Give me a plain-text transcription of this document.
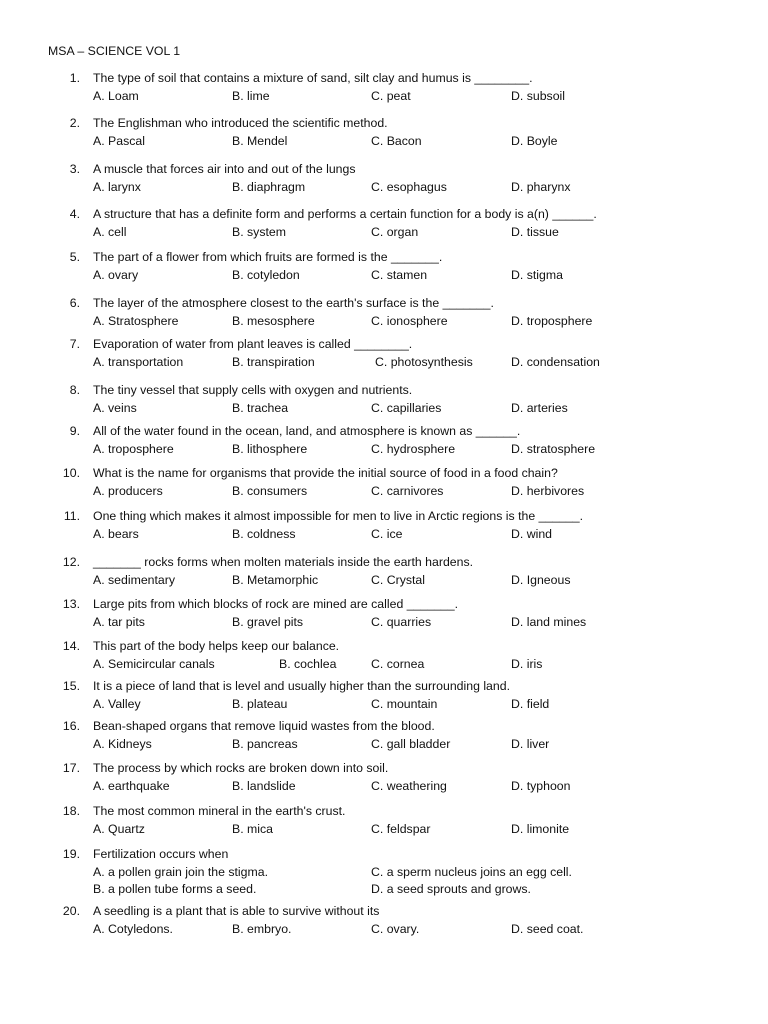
MSA – SCIENCE VOL 1
1. The type of soil that contains a mixture of sand, silt clay and humus is ________.
A. Loam	B. lime	C. peat	D. subsoil
2. The Englishman who introduced the scientific method.
A. Pascal	B. Mendel	C. Bacon	D. Boyle
3. A muscle that forces air into and out of the lungs
A. larynx	B. diaphragm	C. esophagus	D. pharynx
4. A structure that has a definite form and performs a certain function for a body is a(n) ______.
A. cell	B. system	C. organ	D. tissue
5. The part of a flower from which fruits are formed is the _______.
A. ovary	B. cotyledon	C. stamen	D. stigma
6. The layer of the atmosphere closest to the earth's surface is the _______.
A. Stratosphere	B. mesosphere	C. ionosphere	D. troposphere
7. Evaporation of water from plant leaves is called ________.
A. transportation	B. transpiration	C. photosynthesis	D. condensation
8. The tiny vessel that supply cells with oxygen and nutrients.
A. veins	B. trachea	C. capillaries	D. arteries
9. All of the water found in the ocean, land, and atmosphere is known as ______.
A. troposphere	B. lithosphere	C. hydrosphere	D. stratosphere
10. What is the name for organisms that provide the initial source of food in a food chain?
A. producers	B. consumers	C. carnivores	D. herbivores
11. One thing which makes it almost impossible for men to live in Arctic regions is the ______.
A. bears	B. coldness	C. ice	D. wind
12. _______ rocks forms when molten materials inside the earth hardens.
A. sedimentary	B. Metamorphic	C. Crystal	D. Igneous
13. Large pits from which blocks of rock are mined are called _______.
A. tar pits	B. gravel pits	C. quarries	D. land mines
14. This part of the body helps keep our balance.
A. Semicircular canals	B. cochlea	C. cornea	D. iris
15. It is a piece of land that is level and usually higher than the surrounding land.
A. Valley	B. plateau	C. mountain	D. field
16. Bean-shaped organs that remove liquid wastes from the blood.
A. Kidneys	B. pancreas	C. gall bladder	D. liver
17. The process by which rocks are broken down into soil.
A. earthquake	B. landslide	C. weathering	D. typhoon
18. The most common mineral in the earth's crust.
A. Quartz	B. mica	C. feldspar	D. limonite
19. Fertilization occurs when
A. a pollen grain join the stigma.	C. a sperm nucleus joins an egg cell.
B. a pollen tube forms a seed.	D. a seed sprouts and grows.
20. A seedling is a plant that is able to survive without its
A. Cotyledons.	B. embryo.	C. ovary.	D. seed coat.
